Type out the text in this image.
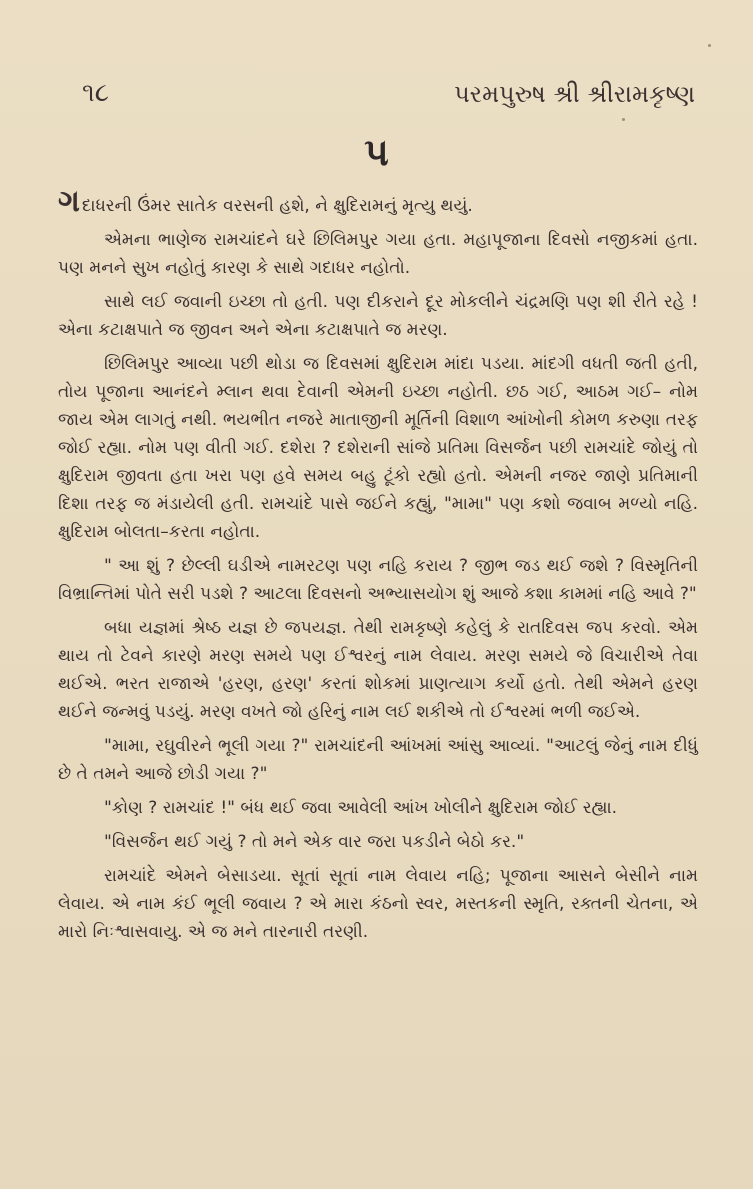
૧૮	પરમપુરુષ શ્રી શ્રીરામકૃષ્ણ
પ

ગદાધરની ઉંમર સાતેક વરસની હશે, ને ક્ષુદિરામનું મૃત્યુ થયું.

એમના ભાણેજ રામચાંદને ઘરે છિલિમપુર ગયા હતા. મહાપૂજાના દિવસો નજીકમાં હતા. પણ મનને સુખ નહોતું કારણ કે સાથે ગદાધર નહોતો.

સાથે લઈ જવાની ઇચ્છા તો હતી. પણ દીકરાને દૂર મોકલીને ચંદ્રમણિ પણ શી રીતે રહે ! એના કટાક્ષપાતે જ જીવન અને એના કટાક્ષપાતે જ મરણ.

છિલિમપુર આવ્યા પછી થોડા જ દિવસમાં ક્ષુદિરામ માંદા પડયા. માંદગી વધતી જતી હતી, તોય પૂજાના આનંદને મ્લાન થવા દેવાની એમની ઇચ્છા નહોતી. છઠ ગઈ, આઠમ ગઈ– નોમ જાય એમ લાગતું નથી. ભયભીત નજરે માતાજીની મૂર્તિની વિશાળ આંખોની કોમળ કરુણા તરફ જોઈ રહ્યા. નોમ પણ વીતી ગઈ. દશેરા ? દશેરાની સાંજે પ્રતિમા વિસર્જન પછી રામચાંદે જોયું તો ક્ષુદિરામ જીવતા હતા ખરા પણ હવે સમય બહુ ટૂંકો રહ્યો હતો. એમની નજર જાણે પ્રતિમાની દિશા તરફ જ મંડાયેલી હતી. રામચાંદે પાસે જઈને કહ્યું, "મામા" પણ કશો જવાબ મળ્યો નહિ. ક્ષુદિરામ બોલતા–કરતા નહોતા.

" આ શું ? છેલ્લી ઘડીએ નામરટણ પણ નહિ કરાય ? જીભ જડ થઈ જશે ? વિસ્મૃતિની વિભ્રાન્તિમાં પોતે સરી પડશે ? આટલા દિવસનો અભ્યાસયોગ શું આજે કશા કામમાં નહિ આવે ?"

બધા યજ્ઞમાં શ્રેષ્ઠ યજ્ઞ છે જપયજ્ઞ. તેથી રામકૃષ્ણે કહેલું કે રાતદિવસ જપ કરવો. એમ થાય તો ટેવને કારણે મરણ સમયે પણ ઈશ્વરનું નામ લેવાય. મરણ સમયે જે વિચારીએ તેવા થઈએ. ભરત રાજાએ 'હરણ, હરણ' કરતાં શોકમાં પ્રાણત્યાગ કર્યો હતો. તેથી એમને હરણ થઈને જન્મવું પડયું. મરણ વખતે જો હરિનું નામ લઈ શકીએ તો ઈશ્વરમાં ભળી જઈએ.

"મામા, રઘુવીરને ભૂલી ગયા ?" રામચાંદની આંખમાં આંસુ આવ્યાં. "આટલું જેનું નામ દીધું છે તે તમને આજે છોડી ગયા ?"

"કોણ ? રામચાંદ !" બંધ થઈ જવા આવેલી આંખ ખોલીને ક્ષુદિરામ જોઈ રહ્યા.

"વિસર્જન થઈ ગયું ? તો મને એક વાર જરા પકડીને બેઠો કર."

રામચાંદે એમને બેસાડયા. સૂતાં સૂતાં નામ લેવાય નહિ; પૂજાના આસને બેસીને નામ લેવાય. એ નામ કંઈ ભૂલી જવાય ? એ મારા કંઠનો સ્વર, મસ્તકની સ્મૃતિ, રક્તની ચેતના, એ મારો નિઃશ્વાસવાયુ. એ જ મને તારનારી તરણી.
